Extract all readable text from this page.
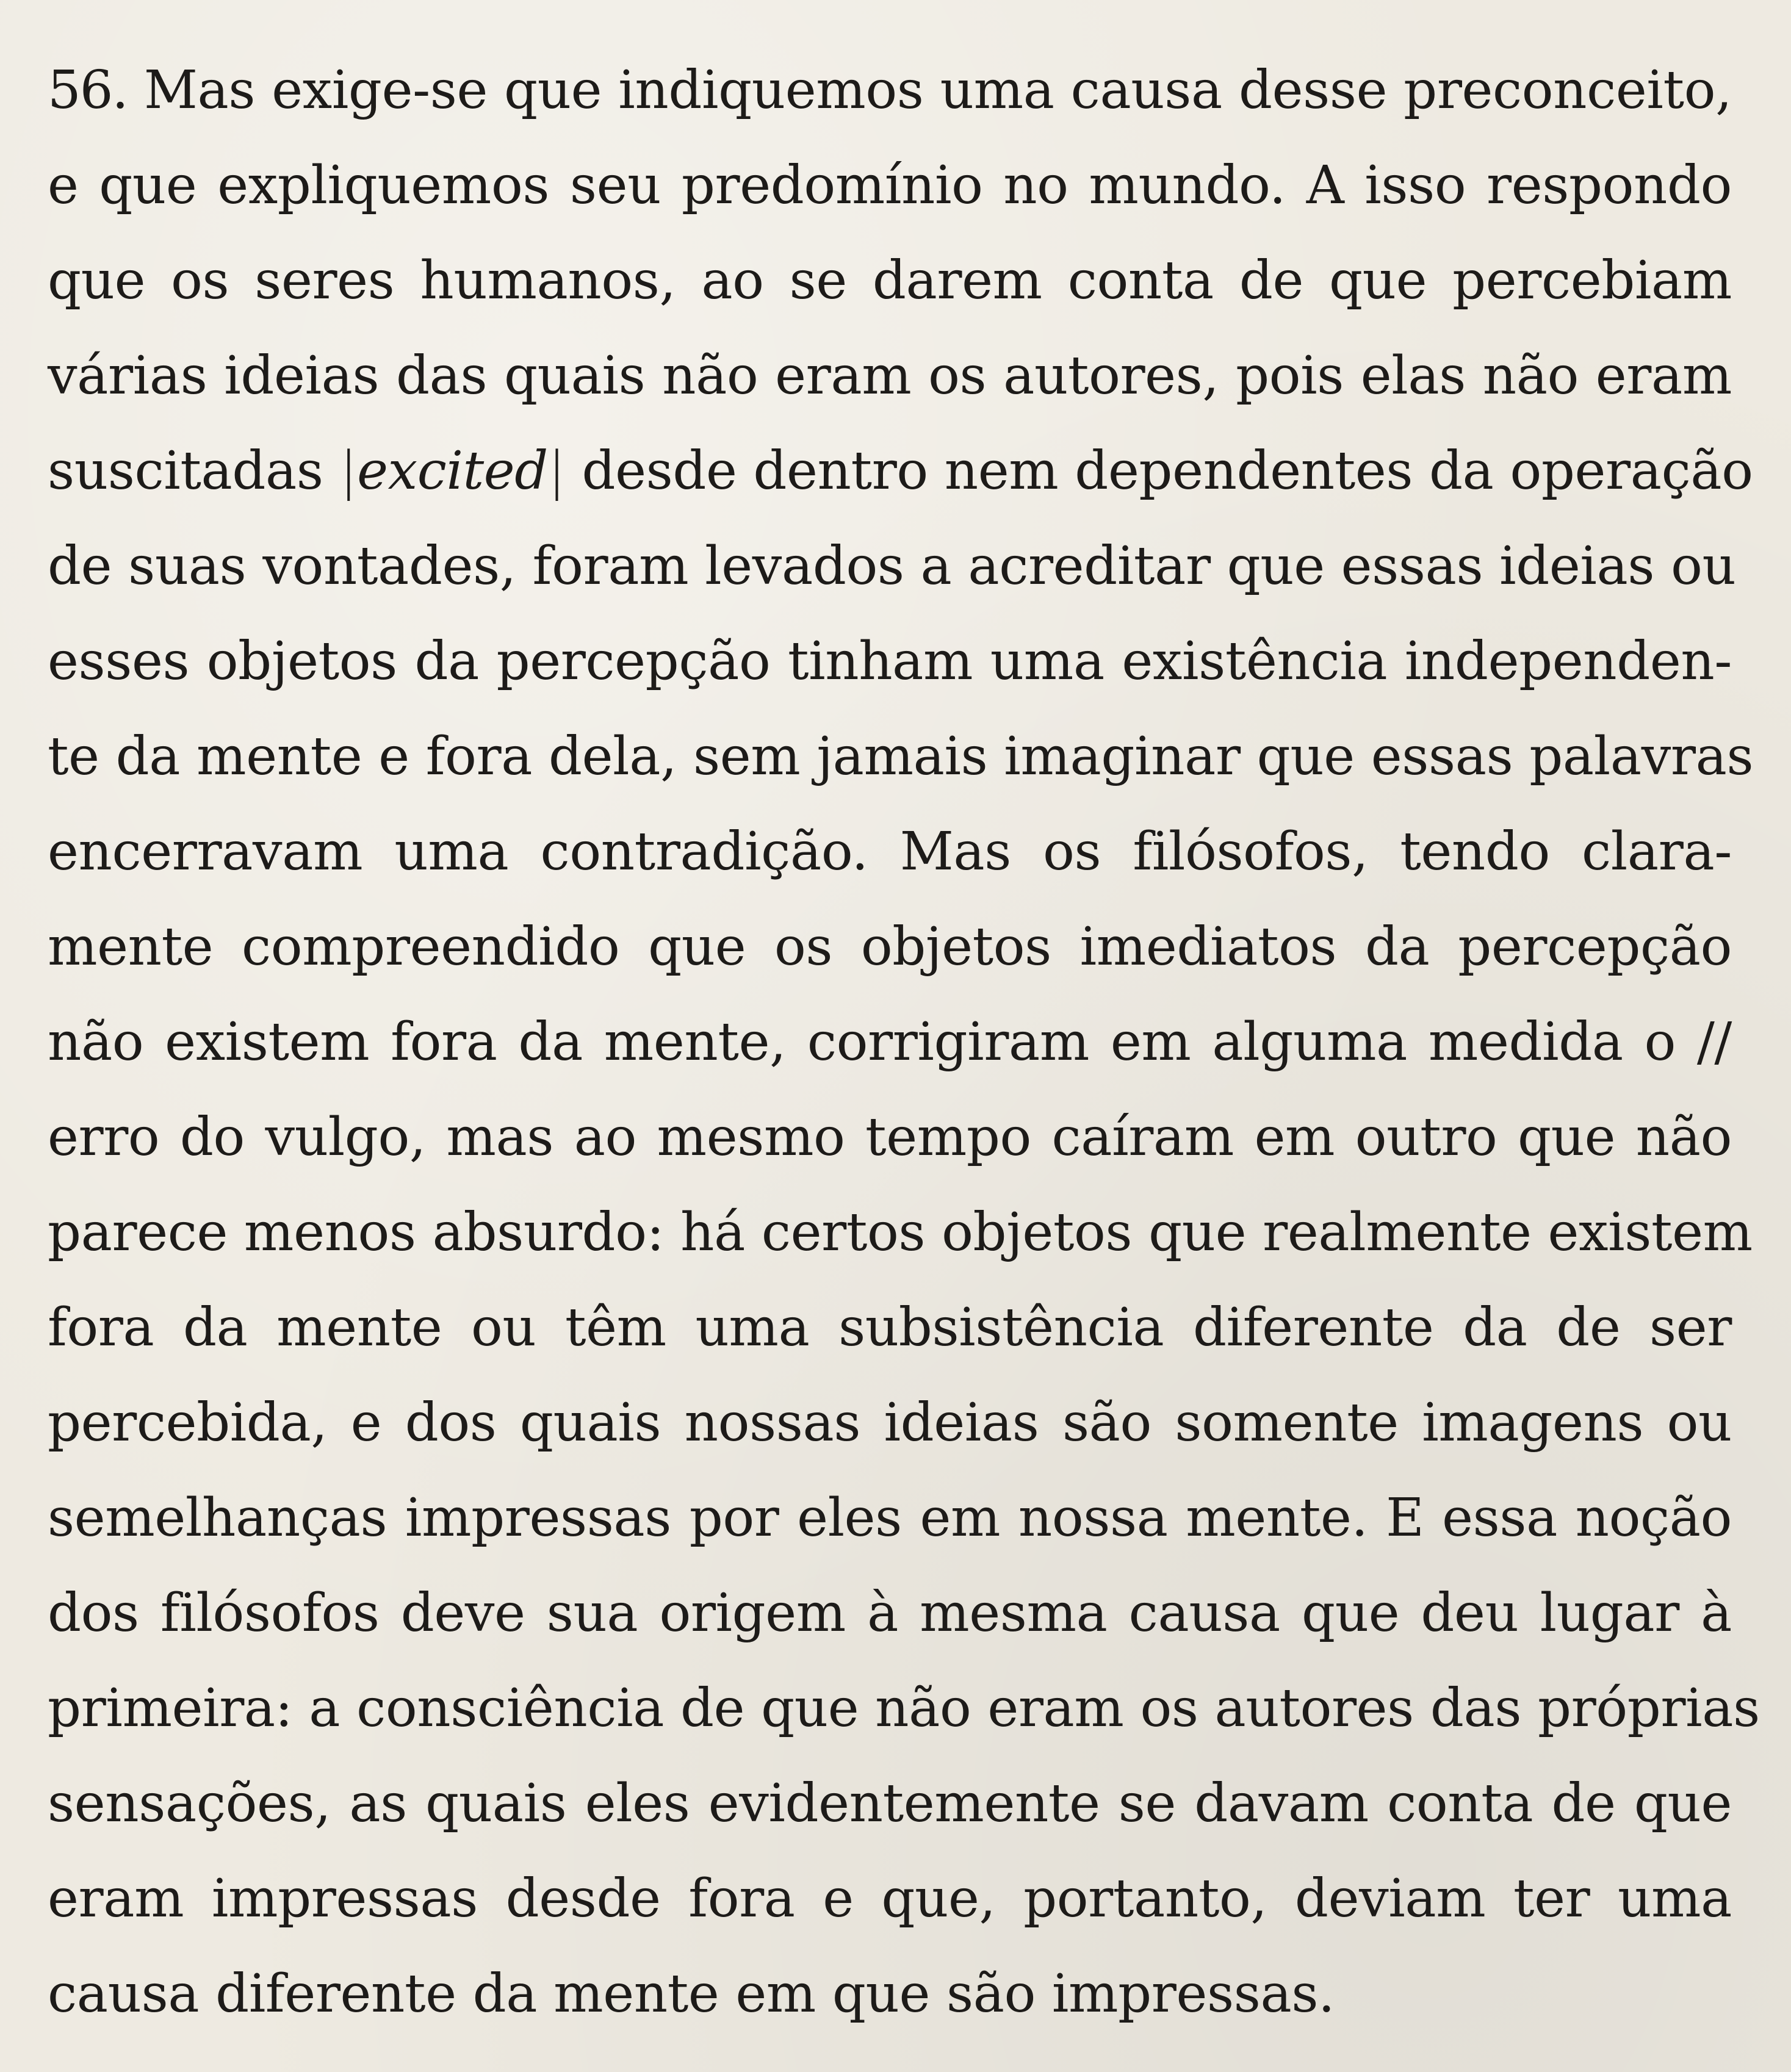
56. Mas exige-se que indiquemos uma causa desse preconceito,
e que expliquemos seu predomínio no mundo. A isso respondo
que os seres humanos, ao se darem conta de que percebiam
várias ideias das quais não eram os autores, pois elas não eram
suscitadas |excited| desde dentro nem dependentes da operação
de suas vontades, foram levados a acreditar que essas ideias ou
esses objetos da percepção tinham uma existência independen-
te da mente e fora dela, sem jamais imaginar que essas palavras
encerravam uma contradição. Mas os filósofos, tendo clara-
mente compreendido que os objetos imediatos da percepção
não existem fora da mente, corrigiram em alguma medida o //
erro do vulgo, mas ao mesmo tempo caíram em outro que não
parece menos absurdo: há certos objetos que realmente existem
fora da mente ou têm uma subsistência diferente da de ser
percebida, e dos quais nossas ideias são somente imagens ou
semelhanças impressas por eles em nossa mente. E essa noção
dos filósofos deve sua origem à mesma causa que deu lugar à
primeira: a consciência de que não eram os autores das próprias
sensações, as quais eles evidentemente se davam conta de que
eram impressas desde fora e que, portanto, deviam ter uma
causa diferente da mente em que são impressas.
